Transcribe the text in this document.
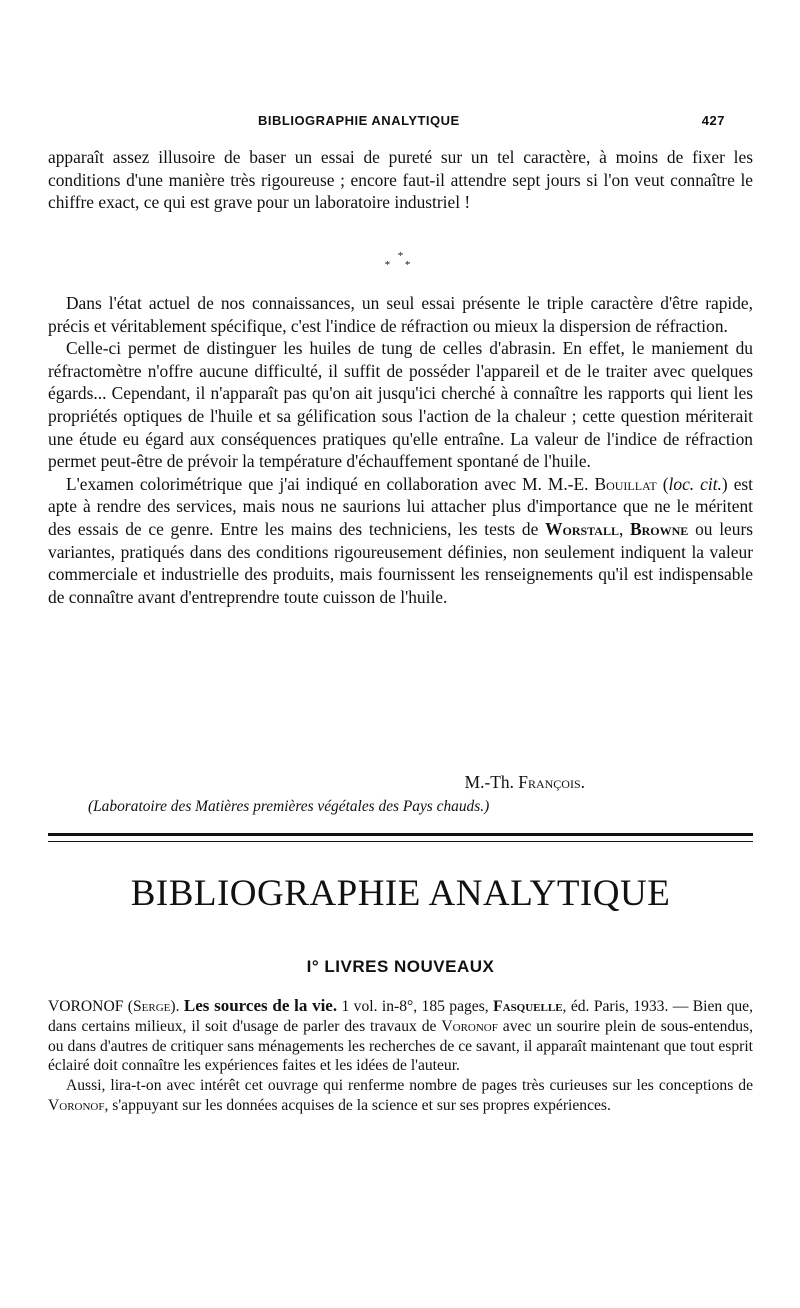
BIBLIOGRAPHIE ANALYTIQUE	427

apparaît assez illusoire de baser un essai de pureté sur un tel caractère, à moins de fixer les conditions d'une manière très rigoureuse ; encore faut-il attendre sept jours si l'on veut connaître le chiffre exact, ce qui est grave pour un laboratoire industriel !

*
* *

Dans l'état actuel de nos connaissances, un seul essai présente le triple caractère d'être rapide, précis et véritablement spécifique, c'est l'indice de réfraction ou mieux la dispersion de réfraction.

Celle-ci permet de distinguer les huiles de tung de celles d'abrasin. En effet, le maniement du réfractomètre n'offre aucune difficulté, il suffit de posséder l'appareil et de le traiter avec quelques égards... Cependant, il n'apparaît pas qu'on ait jusqu'ici cherché à connaître les rapports qui lient les propriétés optiques de l'huile et sa gélification sous l'action de la chaleur ; cette question mériterait une étude eu égard aux conséquences pratiques qu'elle entraîne. La valeur de l'indice de réfraction permet peut-être de prévoir la température d'échauffement spontané de l'huile.

L'examen colorimétrique que j'ai indiqué en collaboration avec M. M.-E. Bouillat (loc. cit.) est apte à rendre des services, mais nous ne saurions lui attacher plus d'importance que ne le méritent des essais de ce genre. Entre les mains des techniciens, les tests de Worstall, Browne ou leurs variantes, pratiqués dans des conditions rigoureusement définies, non seulement indiquent la valeur commerciale et industrielle des produits, mais fournissent les renseignements qu'il est indispensable de connaître avant d'entreprendre toute cuisson de l'huile.

M.-Th. François.
(Laboratoire des Matières premières végétales des Pays chauds.)
BIBLIOGRAPHIE ANALYTIQUE
I° LIVRES NOUVEAUX

VORONOF (Serge). Les sources de la vie. 1 vol. in-8°, 185 pages, Fasquelle, éd. Paris, 1933. — Bien que, dans certains milieux, il soit d'usage de parler des travaux de Voronof avec un sourire plein de sous-entendus, ou dans d'autres de critiquer sans ménagements les recherches de ce savant, il apparaît maintenant que tout esprit éclairé doit connaître les expériences faites et les idées de l'auteur.

Aussi, lira-t-on avec intérêt cet ouvrage qui renferme nombre de pages très curieuses sur les conceptions de Voronof, s'appuyant sur les données acquises de la science et sur ses propres expériences.
